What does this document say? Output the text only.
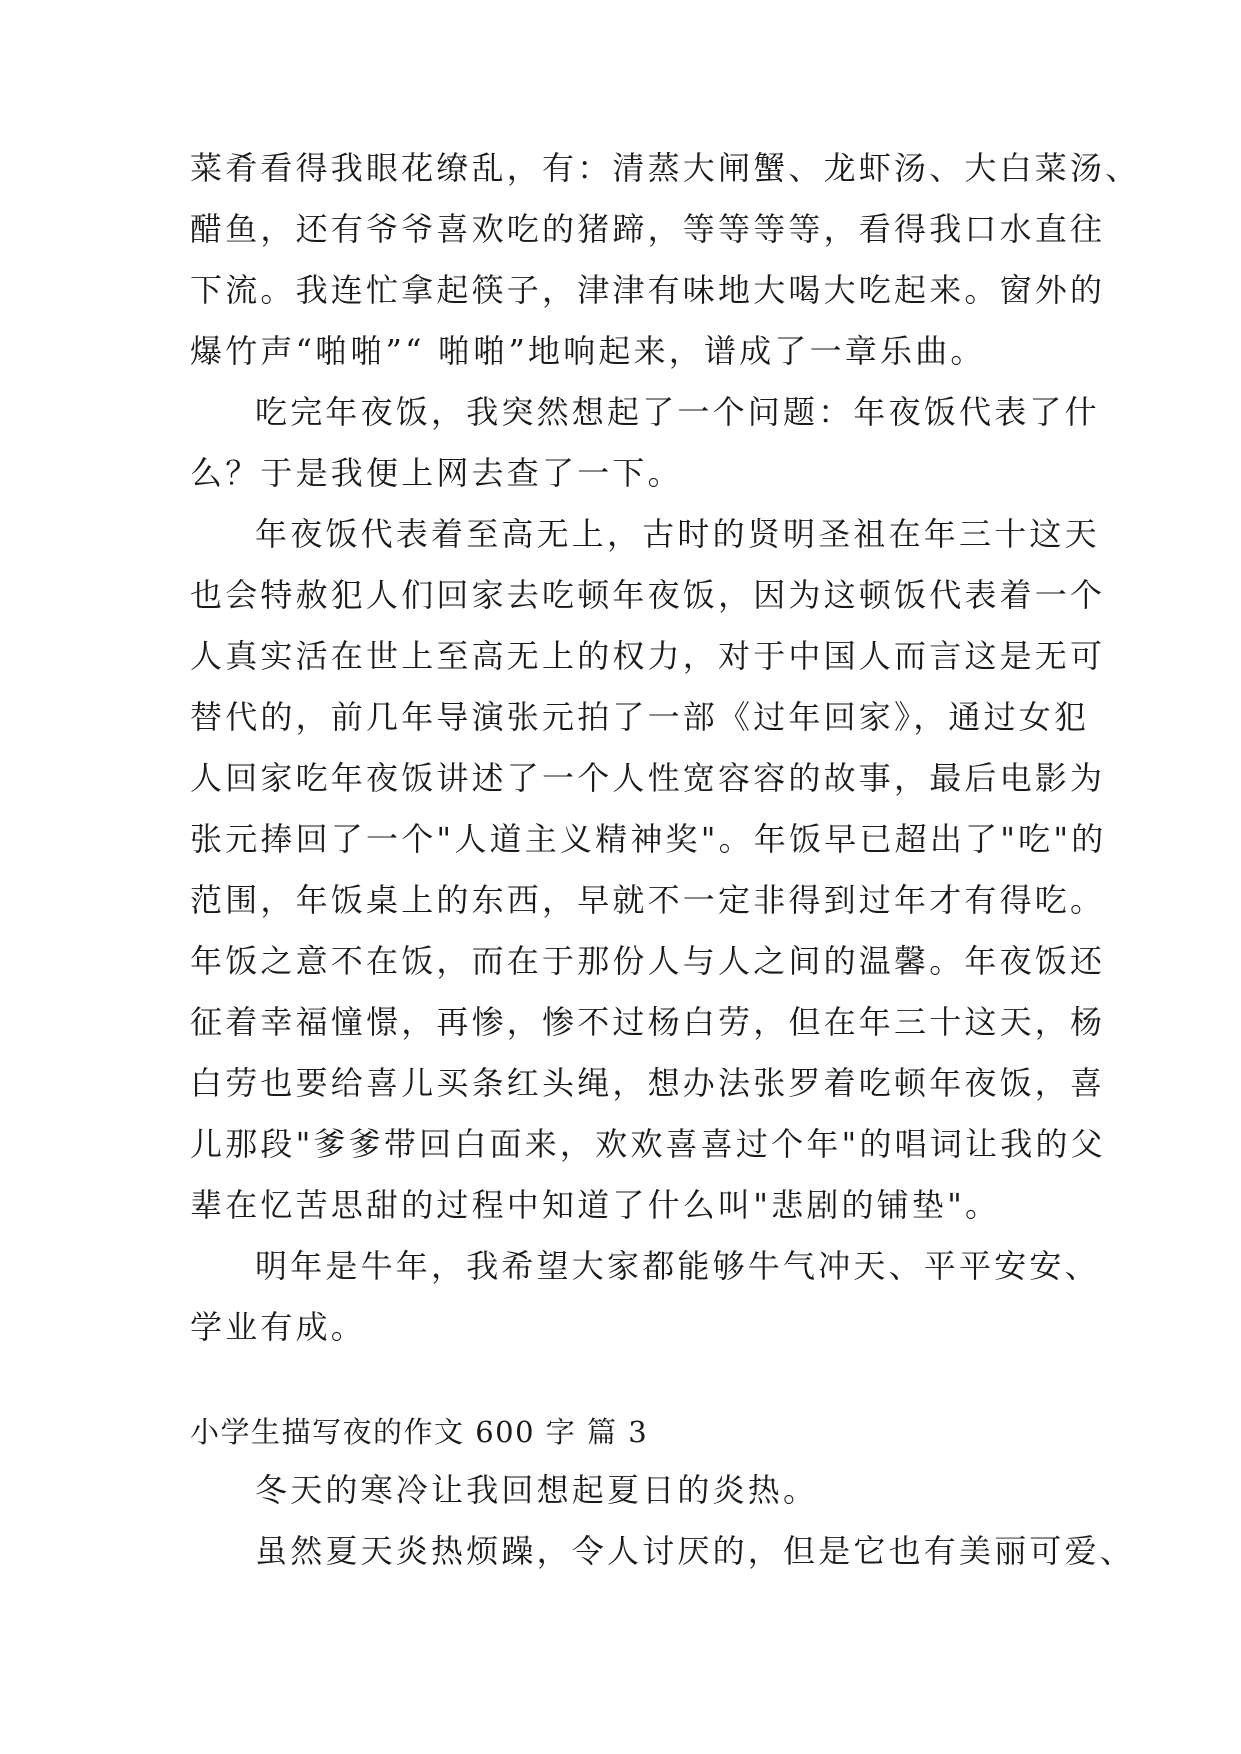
菜肴看得我眼花缭乱，有：清蒸大闸蟹、龙虾汤、大白菜汤、
醋鱼，还有爷爷喜欢吃的猪蹄，等等等等，看得我口水直往
下流。我连忙拿起筷子，津津有味地大喝大吃起来。窗外的
爆竹声“啪啪”“ 啪啪”地响起来，谱成了一章乐曲。
吃完年夜饭，我突然想起了一个问题：年夜饭代表了什
么？于是我便上网去查了一下。
年夜饭代表着至高无上，古时的贤明圣祖在年三十这天
也会特赦犯人们回家去吃顿年夜饭，因为这顿饭代表着一个
人真实活在世上至高无上的权力，对于中国人而言这是无可
替代的，前几年导演张元拍了一部《过年回家》，通过女犯
人回家吃年夜饭讲述了一个人性宽容容的故事，最后电影为
张元捧回了一个"人道主义精神奖"。年饭早已超出了"吃"的
范围，年饭桌上的东西，早就不一定非得到过年才有得吃。
年饭之意不在饭，而在于那份人与人之间的温馨。年夜饭还
征着幸福憧憬，再惨，惨不过杨白劳，但在年三十这天，杨
白劳也要给喜儿买条红头绳，想办法张罗着吃顿年夜饭，喜
儿那段"爹爹带回白面来，欢欢喜喜过个年"的唱词让我的父
辈在忆苦思甜的过程中知道了什么叫"悲剧的铺垫"。
明年是牛年，我希望大家都能够牛气冲天、平平安安、
学业有成。
小学生描写夜的作文 600 字 篇 3
冬天的寒冷让我回想起夏日的炎热。
虽然夏天炎热烦躁，令人讨厌的，但是它也有美丽可爱、
